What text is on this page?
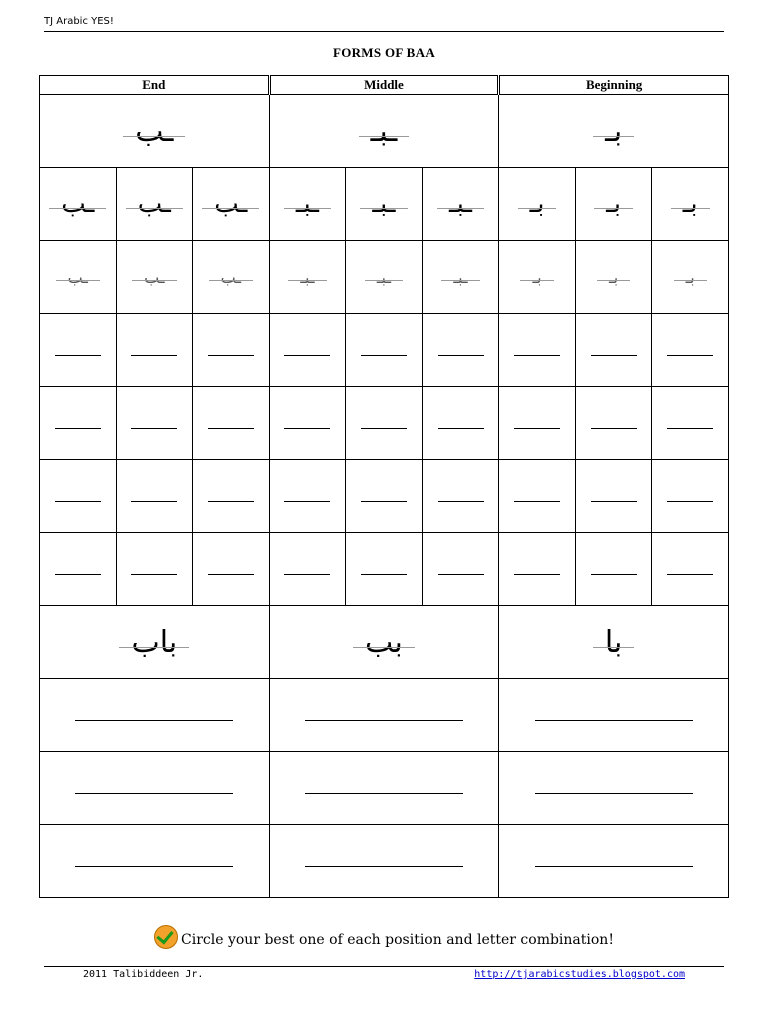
TJ Arabic YES!
FORMS OF BAA
End			Middle			Beginning		
ـب			ـبـ			بـ		
ـب	ـب	ـب	ـبـ	ـبـ	ـبـ	بـ	بـ	بـ
ـب	ـب	ـب	ـبـ	ـبـ	ـبـ	بـ	بـ	بـ

باب			بب			با		

Circle your best one of each position and letter combination!
2011 Talibiddeen Jr.	http://tjarabicstudies.blogspot.com
